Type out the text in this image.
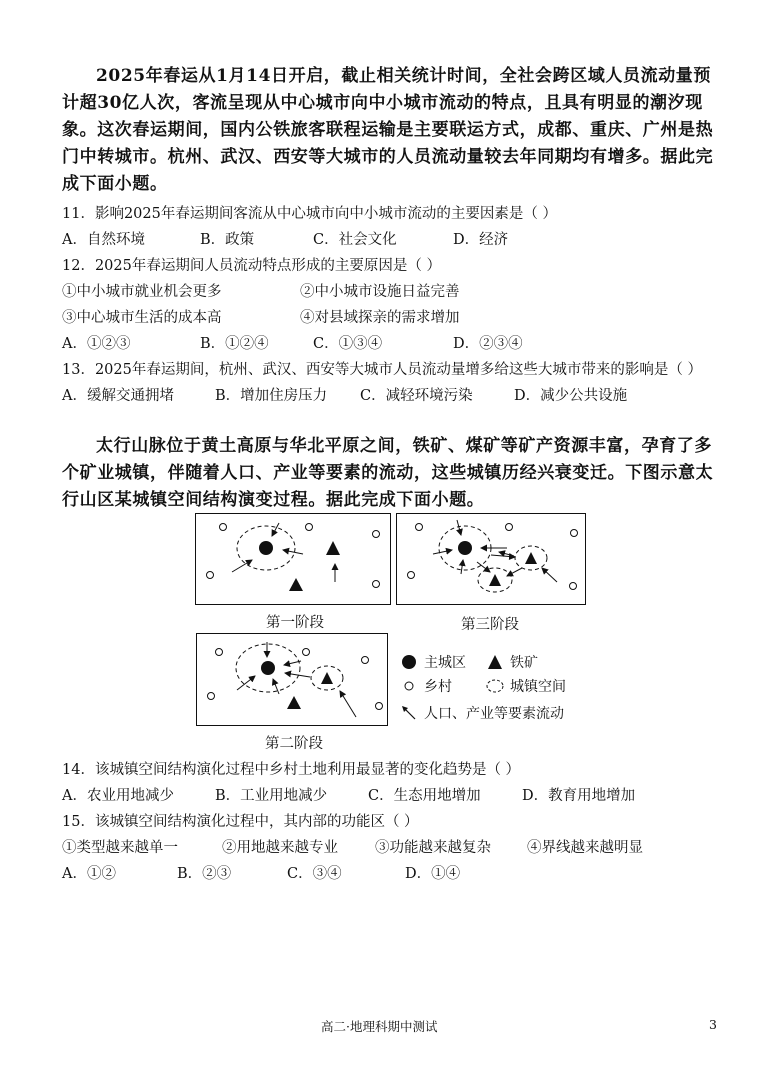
2025年春运从1月14日开启，截止相关统计时间，全社会跨区域人员流动量预计超30亿人次，客流呈现从中心城市向中小城市流动的特点，且具有明显的潮汐现象。这次春运期间，国内公铁旅客联程运输是主要联运方式，成都、重庆、广州是热门中转城市。杭州、武汉、西安等大城市的人员流动量较去年同期均有增多。据此完成下面小题。

11．影响2025年春运期间客流从中心城市向中小城市流动的主要因素是（ ）
A．自然环境	B．政策	C．社会文化	D．经济
12．2025年春运期间人员流动特点形成的主要原因是（ ）
①中小城市就业机会更多	②中小城市设施日益完善
③中心城市生活的成本高	④对县域探亲的需求增加
A．①②③	B．①②④	C．①③④	D．②③④
13．2025年春运期间，杭州、武汉、西安等大城市人员流动量增多给这些大城市带来的影响是（ ）
A．缓解交通拥堵	B．增加住房压力 C．减轻环境污染	D．减少公共设施

太行山脉位于黄土高原与华北平原之间，铁矿、煤矿等矿产资源丰富，孕育了多个矿业城镇，伴随着人口、产业等要素的流动，这些城镇历经兴衰变迁。下图示意太行山区某城镇空间结构演变过程。据此完成下面小题。

第一阶段	第三阶段
第二阶段
主城区	铁矿
乡村	城镇空间
人口、产业等要素流动
14．该城镇空间结构演化过程中乡村土地利用最显著的变化趋势是（ ）
A．农业用地减少	B．工业用地减少	C．生态用地增加	D．教育用地增加
15．该城镇空间结构演化过程中，其内部的功能区（ ）
①类型越来越单一	②用地越来越专业	③功能越来越复杂 ④界线越来越明显
A．①②	B．②③	C．③④	D．①④
高二·地理科期中测试	3
